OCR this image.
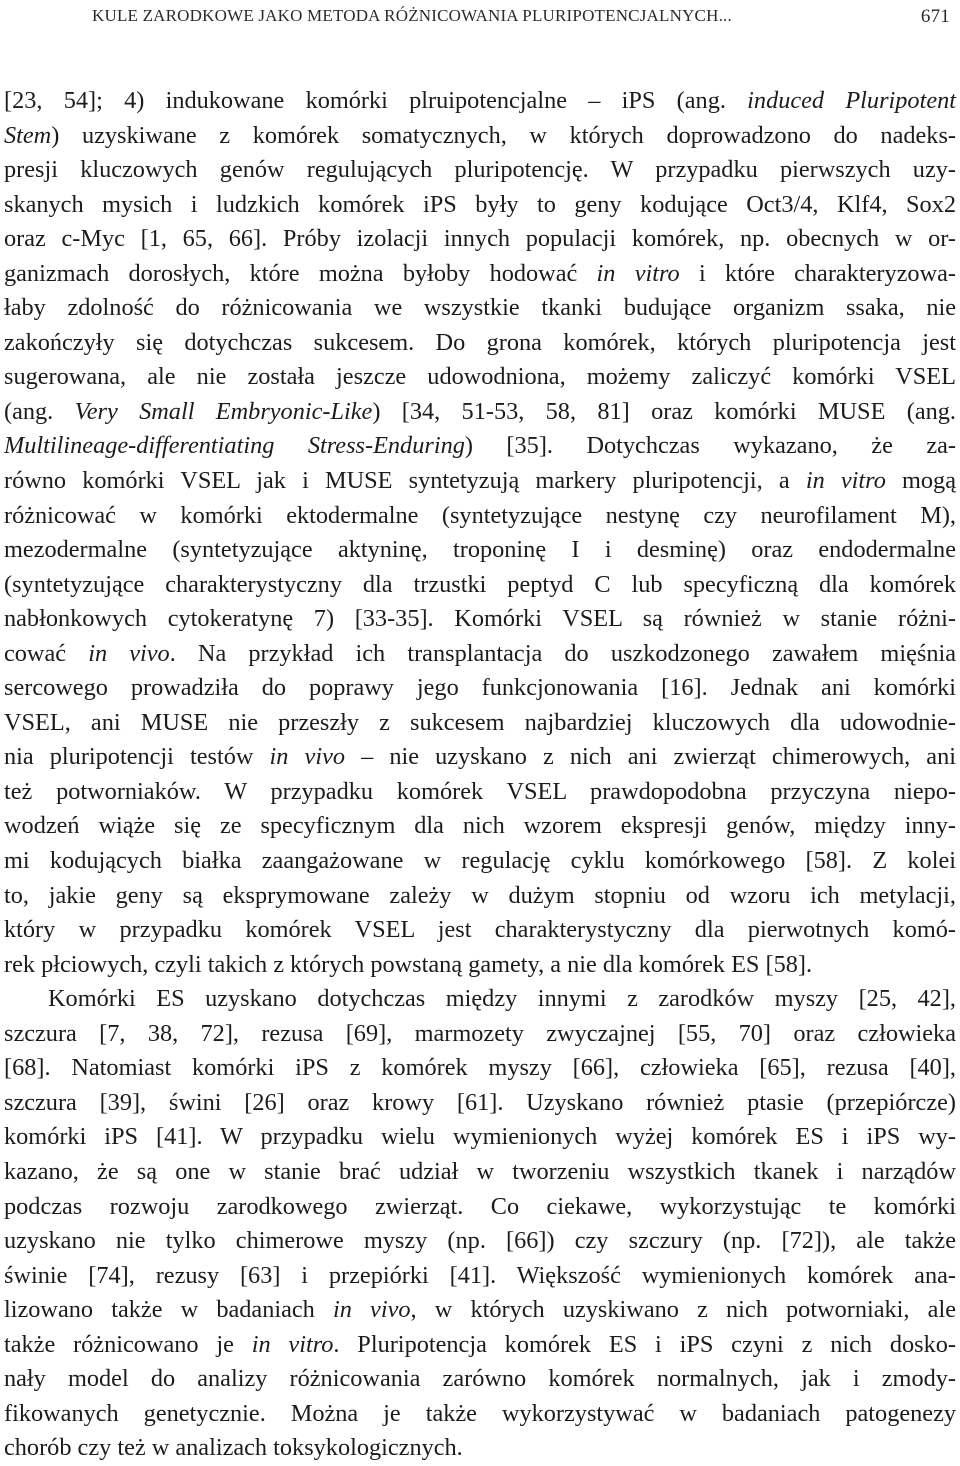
KULE ZARODKOWE JAKO METODA RÓŻNICOWANIA PLURIPOTENCJALNYCH...	671
[23, 54]; 4) indukowane komórki plruipotencjalne – iPS (ang. induced Pluripotent
Stem) uzyskiwane z komórek somatycznych, w których doprowadzono do nadeks-
presji kluczowych genów regulujących pluripotencję. W przypadku pierwszych uzy-
skanych mysich i ludzkich komórek iPS były to geny kodujące Oct3/4, Klf4, Sox2
oraz c-Myc [1, 65, 66]. Próby izolacji innych populacji komórek, np. obecnych w or-
ganizmach dorosłych, które można byłoby hodować in vitro i które charakteryzowa-
łaby zdolność do różnicowania we wszystkie tkanki budujące organizm ssaka, nie
zakończyły się dotychczas sukcesem. Do grona komórek, których pluripotencja jest
sugerowana, ale nie została jeszcze udowodniona, możemy zaliczyć komórki VSEL
(ang. Very Small Embryonic-Like) [34, 51-53, 58, 81] oraz komórki MUSE (ang.
Multilineage-differentiating Stress-Enduring) [35]. Dotychczas wykazano, że za-
równo komórki VSEL jak i MUSE syntetyzują markery pluripotencji, a in vitro mogą
różnicować w komórki ektodermalne (syntetyzujące nestynę czy neurofilament M),
mezodermalne (syntetyzujące aktyninę, troponinę I i desminę) oraz endodermalne
(syntetyzujące charakterystyczny dla trzustki peptyd C lub specyficzną dla komórek
nabłonkowych cytokeratynę 7) [33-35]. Komórki VSEL są również w stanie różni-
cować in vivo. Na przykład ich transplantacja do uszkodzonego zawałem mięśnia
sercowego prowadziła do poprawy jego funkcjonowania [16]. Jednak ani komórki
VSEL, ani MUSE nie przeszły z sukcesem najbardziej kluczowych dla udowodnie-
nia pluripotencji testów in vivo – nie uzyskano z nich ani zwierząt chimerowych, ani
też potworniaków. W przypadku komórek VSEL prawdopodobna przyczyna niepo-
wodzeń wiąże się ze specyficznym dla nich wzorem ekspresji genów, między inny-
mi kodujących białka zaangażowane w regulację cyklu komórkowego [58]. Z kolei
to, jakie geny są eksprymowane zależy w dużym stopniu od wzoru ich metylacji,
który w przypadku komórek VSEL jest charakterystyczny dla pierwotnych komó-
rek płciowych, czyli takich z których powstaną gamety, a nie dla komórek ES [58].
Komórki ES uzyskano dotychczas między innymi z zarodków myszy [25, 42],
szczura [7, 38, 72], rezusa [69], marmozety zwyczajnej [55, 70] oraz człowieka
[68]. Natomiast komórki iPS z komórek myszy [66], człowieka [65], rezusa [40],
szczura [39], świni [26] oraz krowy [61]. Uzyskano również ptasie (przepiórcze)
komórki iPS [41]. W przypadku wielu wymienionych wyżej komórek ES i iPS wy-
kazano, że są one w stanie brać udział w tworzeniu wszystkich tkanek i narządów
podczas rozwoju zarodkowego zwierząt. Co ciekawe, wykorzystując te komórki
uzyskano nie tylko chimerowe myszy (np. [66]) czy szczury (np. [72]), ale także
świnie [74], rezusy [63] i przepiórki [41]. Większość wymienionych komórek ana-
lizowano także w badaniach in vivo, w których uzyskiwano z nich potworniaki, ale
także różnicowano je in vitro. Pluripotencja komórek ES i iPS czyni z nich dosko-
nały model do analizy różnicowania zarówno komórek normalnych, jak i zmody-
fikowanych genetycznie. Można je także wykorzystywać w badaniach patogenezy
chorób czy też w analizach toksykologicznych.
